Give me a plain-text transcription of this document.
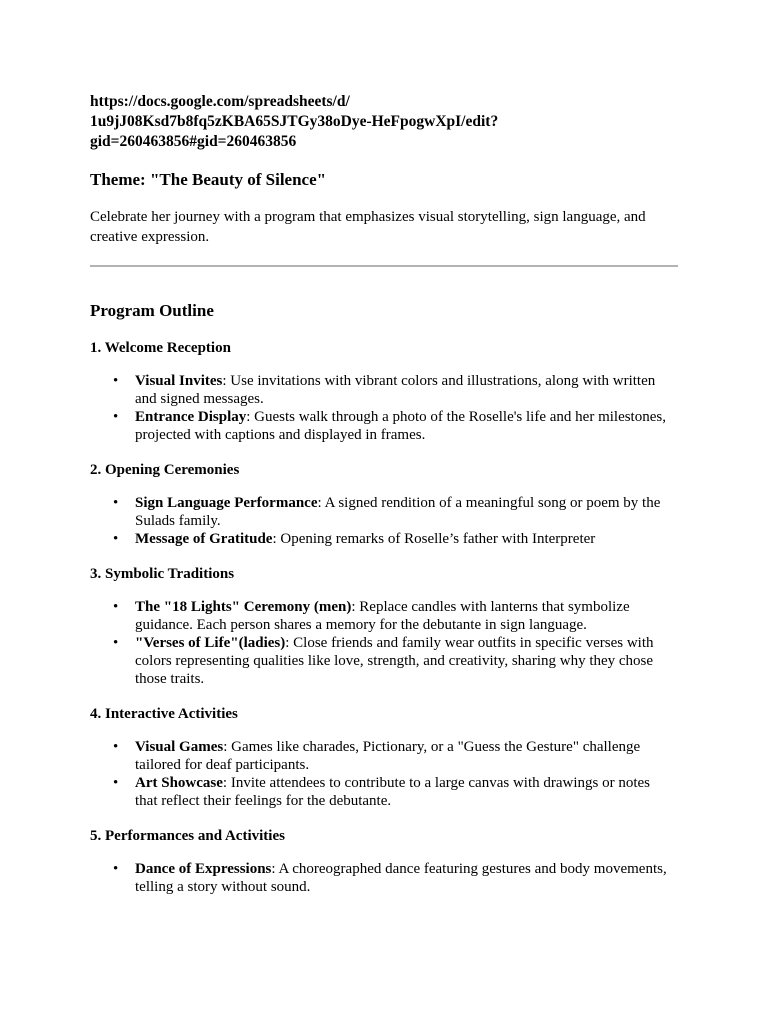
https://docs.google.com/spreadsheets/d/
1u9jJ08Ksd7b8fq5zKBA65SJTGy38oDye-HeFpogwXpI/edit?
gid=260463856#gid=260463856

Theme: "The Beauty of Silence"

Celebrate her journey with a program that emphasizes visual storytelling, sign language, and creative expression.

Program Outline

1. Welcome Reception

• Visual Invites: Use invitations with vibrant colors and illustrations, along with written and signed messages.
• Entrance Display: Guests walk through a photo of the Roselle's life and her milestones, projected with captions and displayed in frames.

2. Opening Ceremonies

• Sign Language Performance: A signed rendition of a meaningful song or poem by the Sulads family.
• Message of Gratitude: Opening remarks of Roselle’s father with Interpreter

3. Symbolic Traditions

• The "18 Lights" Ceremony (men): Replace candles with lanterns that symbolize guidance. Each person shares a memory for the debutante in sign language.
• "Verses of Life"(ladies): Close friends and family wear outfits in specific verses with colors representing qualities like love, strength, and creativity, sharing why they chose those traits.

4. Interactive Activities

• Visual Games: Games like charades, Pictionary, or a "Guess the Gesture" challenge tailored for deaf participants.
• Art Showcase: Invite attendees to contribute to a large canvas with drawings or notes that reflect their feelings for the debutante.

5. Performances and Activities

• Dance of Expressions: A choreographed dance featuring gestures and body movements, telling a story without sound.
